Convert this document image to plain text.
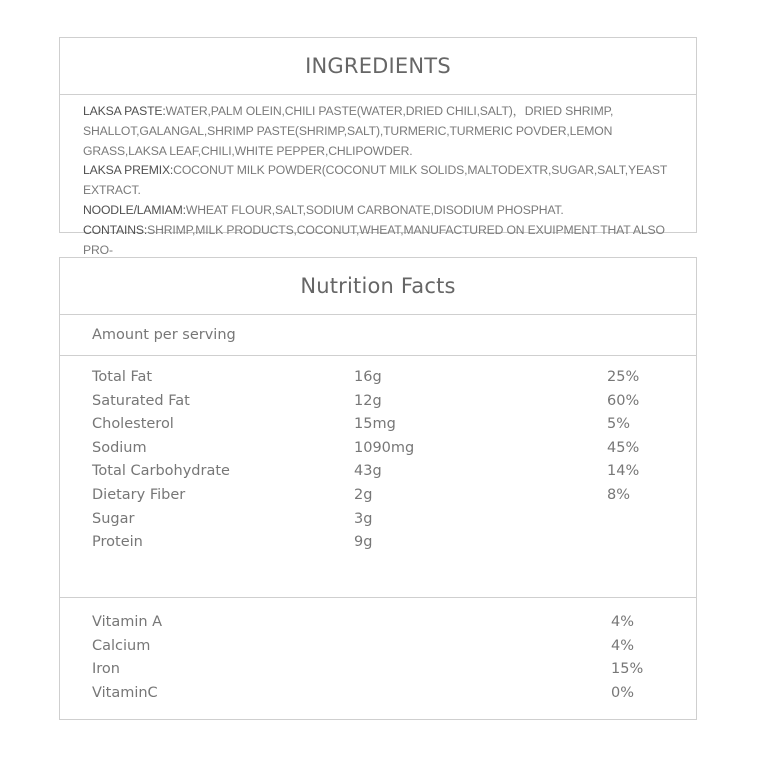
INGREDIENTS

LAKSA PASTE:WATER,PALM OLEIN,CHILI PASTE(WATER,DRIED CHILI,SALT)，DRIED SHRIMP, SHALLOT,GALANGAL,SHRIMP PASTE(SHRIMP,SALT),TURMERIC,TURMERIC POVDER,LEMON GRASS,LAKSA LEAF,CHILI,WHITE PEPPER,CHLIPOWDER.

LAKSA PREMIX:COCONUT MILK POWDER(COCONUT MILK SOLIDS,MALTODEXTR,SUGAR,SALT,YEAST EXTRACT.

NOODLE/LAMIAM:WHEAT FLOUR,SALT,SODIUM CARBONATE,DISODIUM PHOSPHAT.

CONTAINS:SHRIMP,MILK PRODUCTS,COCONUT,WHEAT,MANUFACTURED ON EXUIPMENT THAT ALSO PRO-

Nutrition Facts
Amount per serving
Total Fat	16g	25%
Saturated Fat	12g	60%
Cholesterol	15mg	5%
Sodium	1090mg	45%
Total Carbohydrate	43g	14%
Dietary Fiber	2g	8%
Sugar	3g
Protein	9g
Vitamin A	4%
Calcium	4%
Iron	15%
VitaminC	0%
